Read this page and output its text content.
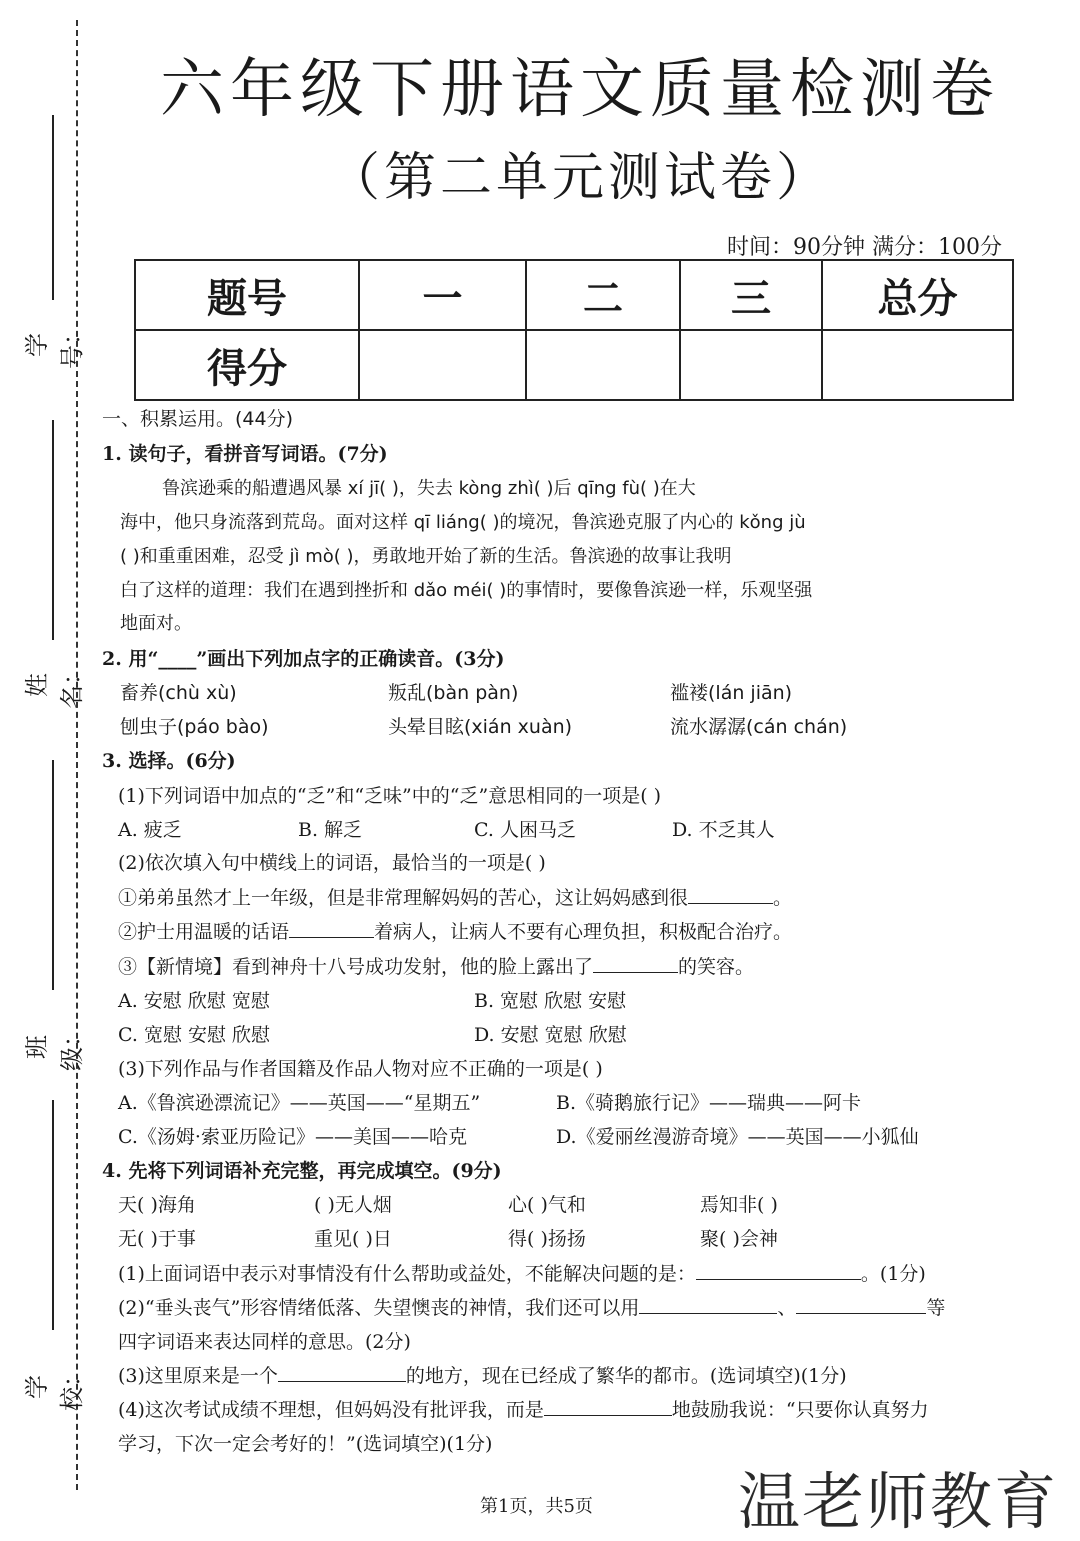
学号：
姓名：
班级：
学校：
六年级下册语文质量检测卷
（第二单元测试卷）
时间：90分钟 满分：100分
题号	一	二	三	总分
得分				
一、积累运用。(44分)
1. 读句子，看拼音写词语。(7分)
鲁滨逊乘的船遭遇风暴 xí jī( )，失去 kòng zhì( )后 qīng fù( )在大
海中，他只身流落到荒岛。面对这样 qī liáng( )的境况，鲁滨逊克服了内心的 kǒng jù
( )和重重困难，忍受 jì mò( )，勇敢地开始了新的生活。鲁滨逊的故事让我明
白了这样的道理：我们在遇到挫折和 dǎo méi( )的事情时，要像鲁滨逊一样，乐观坚强
地面对。
2. 用“____”画出下列加点字的正确读音。(3分)
畜养(chù xù)	叛乱(bàn pàn)	褴褛(lán jiān)
刨虫子(páo bào)	头晕目眩(xián xuàn)	流水潺潺(cán chán)
3. 选择。(6分)
(1)下列词语中加点的“乏”和“乏味”中的“乏”意思相同的一项是( )
A. 疲乏	B. 解乏	C. 人困马乏	D. 不乏其人
(2)依次填入句中横线上的词语，最恰当的一项是( )
①弟弟虽然才上一年级，但是非常理解妈妈的苦心，这让妈妈感到很	。
②护士用温暖的话语	着病人，让病人不要有心理负担，积极配合治疗。
③【新情境】看到神舟十八号成功发射，他的脸上露出了	的笑容。
A. 安慰 欣慰 宽慰	B. 宽慰 欣慰 安慰
C. 宽慰 安慰 欣慰	D. 安慰 宽慰 欣慰
(3)下列作品与作者国籍及作品人物对应不正确的一项是( )
A.《鲁滨逊漂流记》——英国——“星期五”	B.《骑鹅旅行记》——瑞典——阿卡
C.《汤姆·索亚历险记》——美国——哈克	D.《爱丽丝漫游奇境》——英国——小狐仙
4. 先将下列词语补充完整，再完成填空。(9分)
天( )海角	( )无人烟	心( )气和	焉知非( )
无( )于事	重见( )日	得( )扬扬	聚( )会神
(1)上面词语中表示对事情没有什么帮助或益处，不能解决问题的是：	。(1分)
(2)“垂头丧气”形容情绪低落、失望懊丧的神情，我们还可以用	、	等
四字词语来表达同样的意思。(2分)
(3)这里原来是一个	的地方，现在已经成了繁华的都市。(选词填空)(1分)
(4)这次考试成绩不理想，但妈妈没有批评我，而是	地鼓励我说：“只要你认真努力
学习，下次一定会考好的！”(选词填空)(1分)
第1页，共5页 温老师教育
